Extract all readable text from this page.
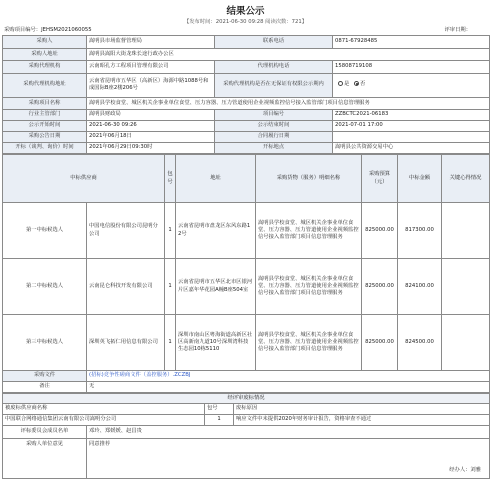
结果公示
【发布时间：2021-06-30 09:28 阅读次数：721】
采购项目编号：JEHSM2021060055	评审日期：
采购人	嵩明县市场监督管理局	联系电话	0871-67928485
采购人地址	嵩明县嵩阳大街龙珠长途行政办公区		
采购代理机构	云南昭孔方工程项目管理有限公司	代理机构电话	15808719108
采购代理机构地址	云南省昆明市五华区（高新区）海源中路1088号和成国际B座2楼206号	采购代理机构是否在无保证有权限公示期内	是 否
采购项目名称	嵩明县学校食堂、城区机关企事业单位食堂、压力容器、压力管道使用企业视频监控信号接入监管部门项目信息管理服务		
行业主管部门	嵩明县财政局	项目编号	ZZBCTC2021-06183
公示开始时间	2021-06-30 09:26	公示结束时间	2021-07-01 17:00
采购公告日期	2021年06月18日	合同履行日期	
开标（谈判、询价）时间	2021年06月29日09:30时	开标地点	嵩明县公共资源交易中心
中标供应商		包号	地址	采购货物（服务）明细名称	采购预算（元）	中标金额	关键心得情况
第一中标候选人	中国电信股份有限公司昆明分公司	1	云南省昆明市盘龙区东风东路12号	嵩明县学校食堂、城区机关企事业单位食堂、压力容器、压力管道使用企业视频监控信号接入监管部门项目信息管理服务	825000.00	817300.00	
第二中标候选人	云南昆仑科技开发有限公司	1	云南省昆明市五华区北市区银河片区嘉年华花园A幢B座504室	嵩明县学校食堂、城区机关企事业单位食堂、压力容器、压力管道使用企业视频监控信号接入监管部门项目信息管理服务	825000.00	824100.00	
第三中标候选人	深圳英飞拓仁用信息有限公司	1	深圳市南山区粤海街道高新区社区高新南九道10号深圳湾科技生态园10栋5110	嵩明县学校食堂、城区机关企事业单位食堂、压力容器、压力管道使用企业视频监控信号接入监管部门项目信息管理服务	825000.00	824500.00	
采购文件	(招标)竞争性磋商文件（盖控服务）.ZCZBJ						
备注	无						
经评审废标情况			
被废标供应商名称		包号	废标原因
中国联合网络通信集团云南有限公司嵩明分公司		1	响应文件中未提供2020年财务审计报告，资格审查不通过
评标委员会成员名单	邓玲、郑媛媛、赵昌贵		
采购人单位意见	同意推荐
经办人：刘雅		
